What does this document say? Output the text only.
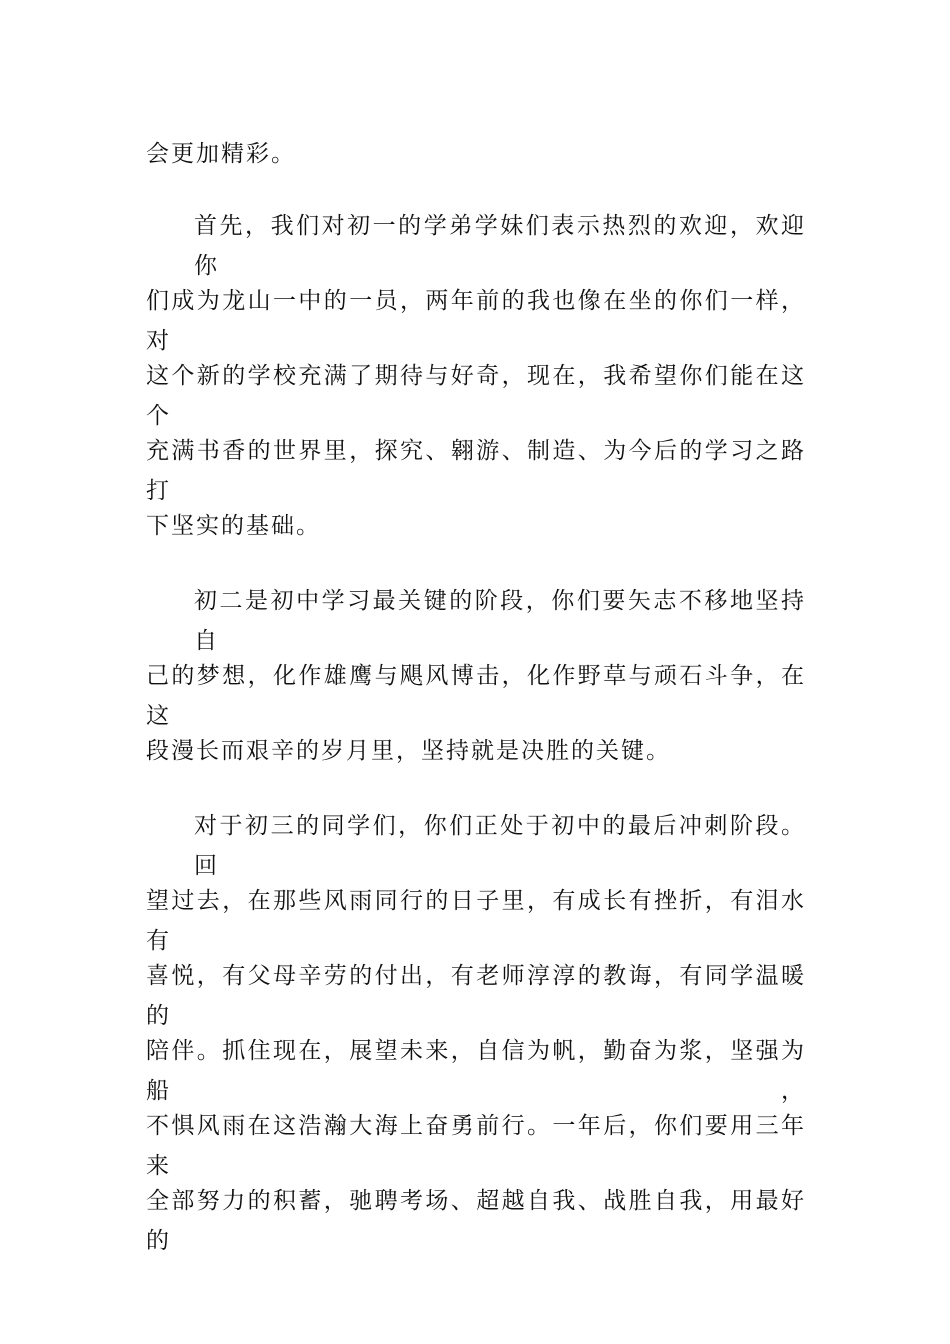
会更加精彩。
首先，我们对初一的学弟学妹们表示热烈的欢迎，欢迎你
们成为龙山一中的一员，两年前的我也像在坐的你们一样，对
这个新的学校充满了期待与好奇，现在，我希望你们能在这个
充满书香的世界里，探究、翱游、制造、为今后的学习之路打
下坚实的基础。
初二是初中学习最关键的阶段，你们要矢志不移地坚持自
己的梦想，化作雄鹰与飓风博击，化作野草与顽石斗争，在这
段漫长而艰辛的岁月里，坚持就是决胜的关键。
对于初三的同学们，你们正处于初中的最后冲刺阶段。回
望过去，在那些风雨同行的日子里，有成长有挫折，有泪水有
喜悦，有父母辛劳的付出，有老师淳淳的教诲，有同学温暖的
陪伴。抓住现在，展望未来，自信为帆，勤奋为浆，坚强为船，
不惧风雨在这浩瀚大海上奋勇前行。一年后，你们要用三年来
全部努力的积蓄，驰聘考场、超越自我、战胜自我，用最好的
